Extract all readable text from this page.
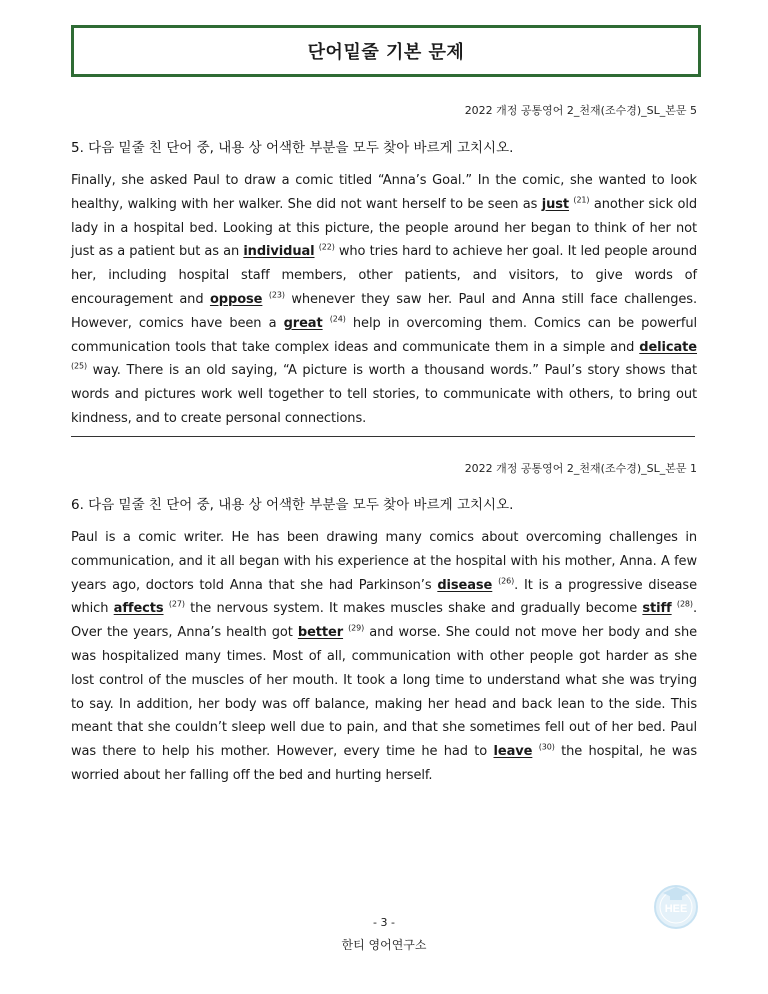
단어밑줄 기본 문제
2022 개정 공통영어 2_천재(조수경)_SL_본문 5
5. 다음 밑줄 친 단어 중, 내용 상 어색한 부분을 모두 찾아 바르게 고치시오.
Finally, she asked Paul to draw a comic titled “Anna’s Goal.” In the comic, she wanted to look healthy, walking with her walker. She did not want herself to be seen as just $^{(21)}$ another sick old lady in a hospital bed. Looking at this picture, the people around her began to think of her not just as a patient but as an individual $^{(22)}$ who tries hard to achieve her goal. It led people around her, including hospital staff members, other patients, and visitors, to give words of encouragement and oppose $^{(23)}$ whenever they saw her. Paul and Anna still face challenges. However, comics have been a great $^{(24)}$ help in overcoming them. Comics can be powerful communication tools that take complex ideas and communicate them in a simple and delicate $^{(25)}$ way. There is an old saying, “A picture is worth a thousand words.” Paul’s story shows that words and pictures work well together to tell stories, to communicate with others, to bring out kindness, and to create personal connections.
2022 개정 공통영어 2_천재(조수경)_SL_본문 1
6. 다음 밑줄 친 단어 중, 내용 상 어색한 부분을 모두 찾아 바르게 고치시오.
Paul is a comic writer. He has been drawing many comics about overcoming challenges in communication, and it all began with his experience at the hospital with his mother, Anna. A few years ago, doctors told Anna that she had Parkinson’s disease $^{(26)}$. It is a progressive disease which affects $^{(27)}$ the nervous system. It makes muscles shake and gradually become stiff $^{(28)}$. Over the years, Anna’s health got better $^{(29)}$ and worse. She could not move her body and she was hospitalized many times. Most of all, communication with other people got harder as she lost control of the muscles of her mouth. It took a long time to understand what she was trying to say. In addition, her body was off balance, making her head and back lean to the side. This meant that she couldn’t sleep well due to pain, and that she sometimes fell out of her bed. Paul was there to help his mother. However, every time he had to leave $^{(30)}$ the hospital, he was worried about her falling off the bed and hurting herself.
HEE
- 3 -
한티 영어연구소
